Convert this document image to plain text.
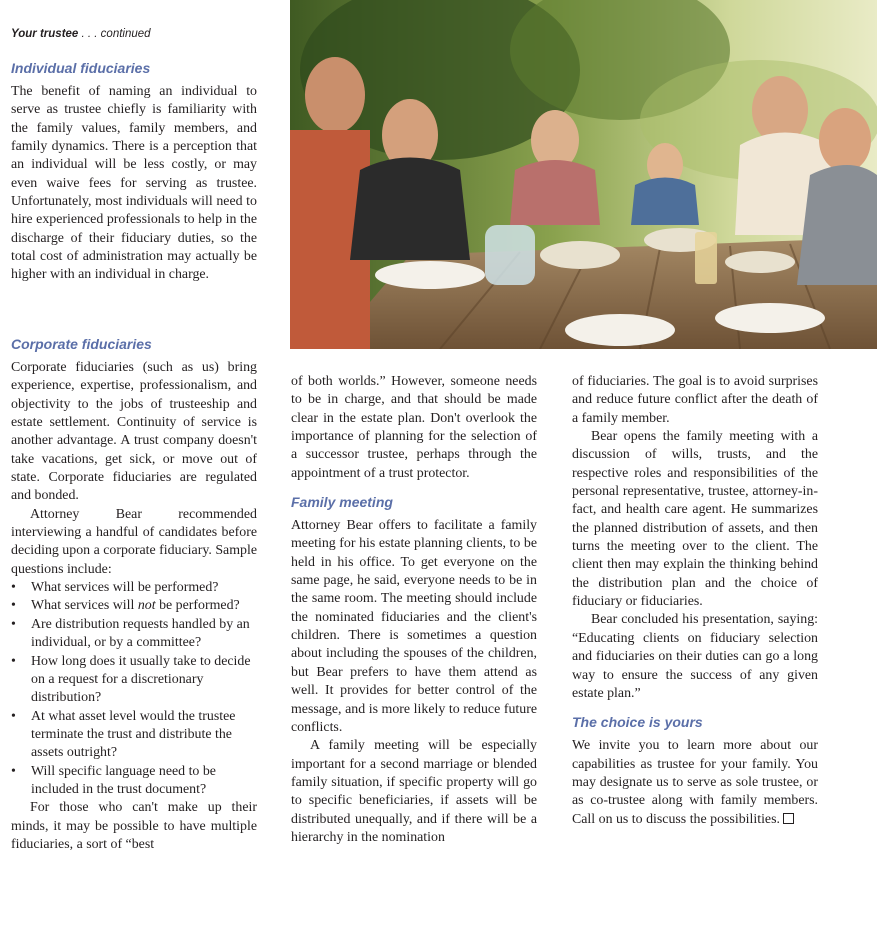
Your trustee . . . continued
Individual fiduciaries

The benefit of naming an individual to serve as trustee chiefly is familiarity with the family values, family members, and family dynamics. There is a perception that an individual will be less costly, or may even waive fees for serving as trustee. Unfortunately, most individuals will need to hire experienced professionals to help in the discharge of their fiduciary duties, so the total cost of administration may actually be higher with an individual in charge.

Corporate fiduciaries

Corporate fiduciaries (such as us) bring experience, expertise, professionalism, and objectivity to the jobs of trusteeship and estate settlement. Continuity of service is another advantage. A trust company doesn't take vacations, get sick, or move out of state. Corporate fiduciaries are regulated and bonded.

Attorney Bear recommended interviewing a handful of candidates before deciding upon a corporate fiduciary. Sample questions include:

• What services will be performed?
• What services will not be performed?
• Are distribution requests handled by an individual, or by a committee?
• How long does it usually take to decide on a request for a discretionary distribution?
• At what asset level would the trustee terminate the trust and distribute the assets outright?
• Will specific language need to be included in the trust document?

For those who can't make up their minds, it may be possible to have multiple fiduciaries, a sort of “best

of both worlds.” However, someone needs to be in charge, and that should be made clear in the estate plan. Don't overlook the importance of planning for the selection of a successor trustee, perhaps through the appointment of a trust protector.

Family meeting

Attorney Bear offers to facilitate a family meeting for his estate planning clients, to be held in his office. To get everyone on the same page, he said, everyone needs to be in the same room. The meeting should include the nominated fiduciaries and the client's children. There is sometimes a question about including the spouses of the children, but Bear prefers to have them attend as well. It provides for better control of the message, and is more likely to reduce future conflicts.

A family meeting will be especially important for a second marriage or blended family situation, if specific property will go to specific beneficiaries, if assets will be distributed unequally, and if there will be a hierarchy in the nomination

of fiduciaries. The goal is to avoid surprises and reduce future conflict after the death of a family member.

Bear opens the family meeting with a discussion of wills, trusts, and the respective roles and responsibilities of the personal representative, trustee, attorney-in-fact, and health care agent. He summarizes the planned distribution of assets, and then turns the meeting over to the client. The client then may explain the thinking behind the distribution plan and the choice of fiduciary or fiduciaries.

Bear concluded his presentation, saying: “Educating clients on fiduciary selection and fiduciaries on their duties can go a long way to ensure the success of any given estate plan.”

The choice is yours

We invite you to learn more about our capabilities as trustee for your family. You may designate us to serve as sole trustee, or as co-trustee along with family members. Call on us to discuss the possibilities.
